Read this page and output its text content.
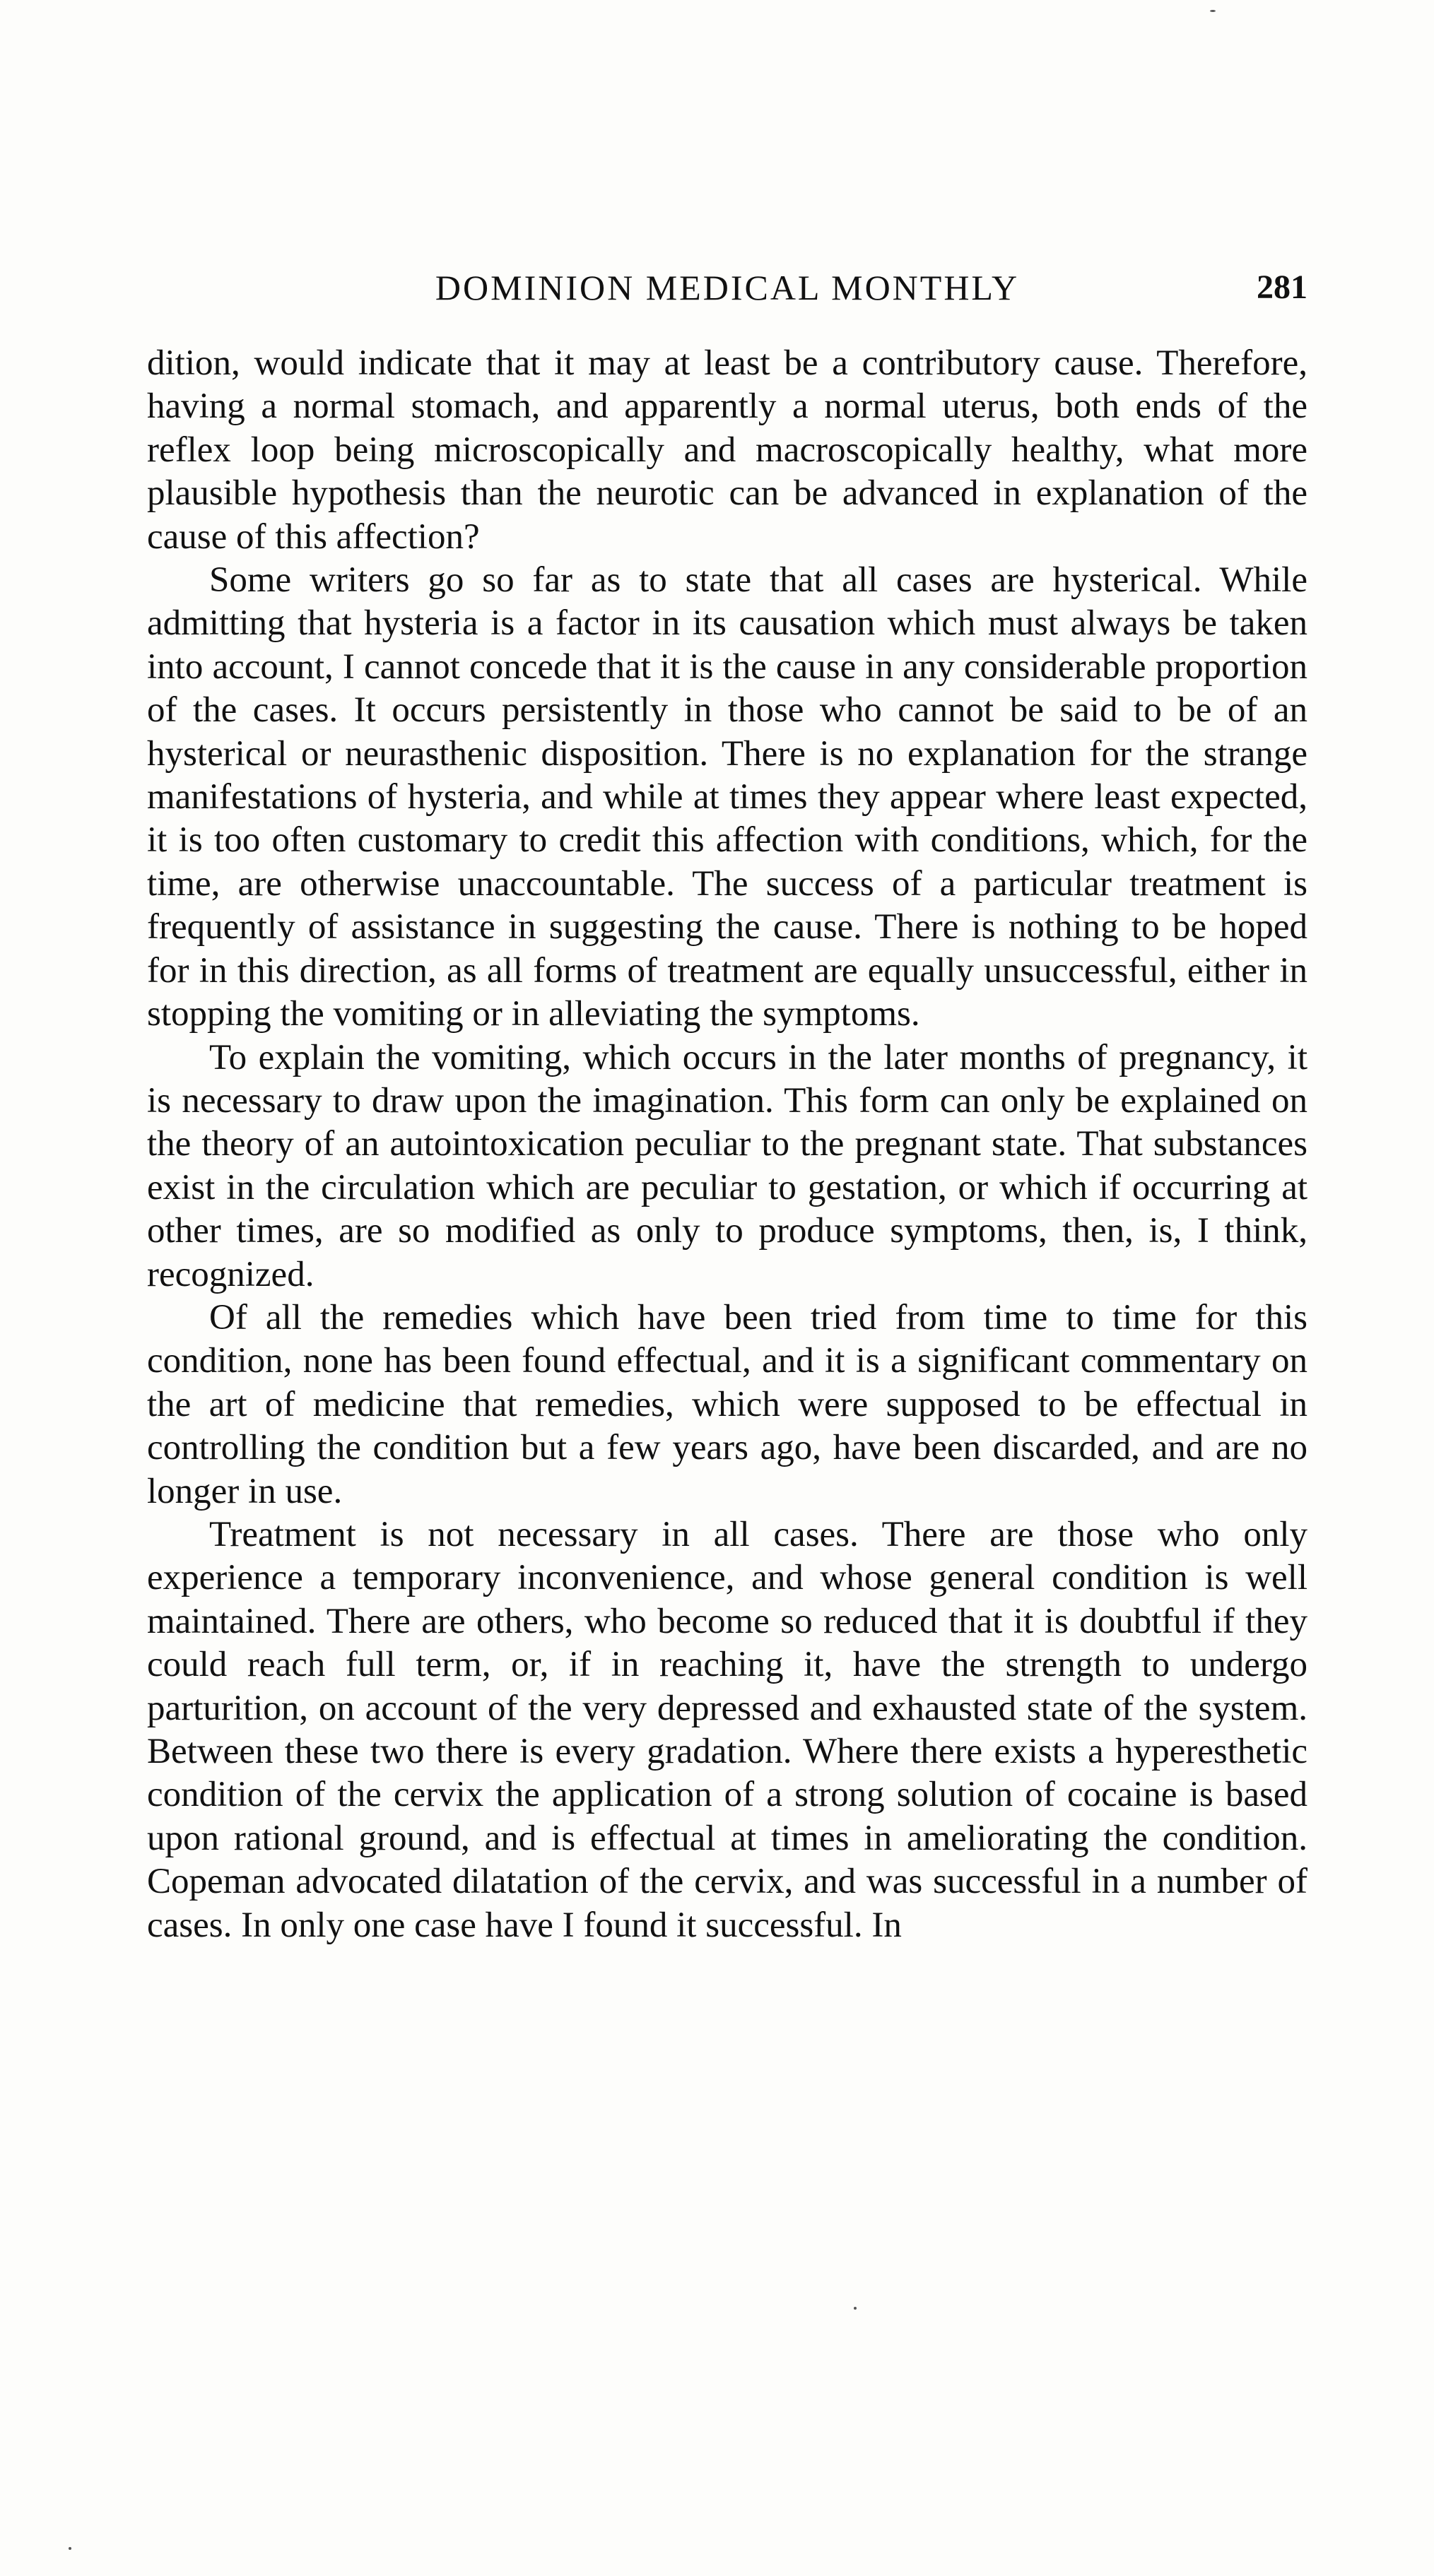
DOMINION MEDICAL MONTHLY	281

dition, would indicate that it may at least be a contributory cause. Therefore, having a normal stomach, and apparently a normal uterus, both ends of the reflex loop being microscopically and macroscopically healthy, what more plausible hypothesis than the neurotic can be advanced in explanation of the cause of this affection?

Some writers go so far as to state that all cases are hysterical. While admitting that hysteria is a factor in its causation which must always be taken into account, I cannot concede that it is the cause in any considerable proportion of the cases. It occurs persistently in those who cannot be said to be of an hysterical or neurasthenic disposition. There is no explanation for the strange manifestations of hysteria, and while at times they appear where least expected, it is too often customary to credit this affection with conditions, which, for the time, are otherwise unaccountable. The success of a particular treatment is frequently of assistance in suggesting the cause. There is nothing to be hoped for in this direction, as all forms of treatment are equally unsuccessful, either in stopping the vomiting or in alleviating the symptoms.

To explain the vomiting, which occurs in the later months of pregnancy, it is necessary to draw upon the imagination. This form can only be explained on the theory of an autointoxication peculiar to the pregnant state. That substances exist in the circulation which are peculiar to gestation, or which if occurring at other times, are so modified as only to produce symptoms, then, is, I think, recognized.

Of all the remedies which have been tried from time to time for this condition, none has been found effectual, and it is a significant commentary on the art of medicine that remedies, which were supposed to be effectual in controlling the condition but a few years ago, have been discarded, and are no longer in use.

Treatment is not necessary in all cases. There are those who only experience a temporary inconvenience, and whose general condition is well maintained. There are others, who become so reduced that it is doubtful if they could reach full term, or, if in reaching it, have the strength to undergo parturition, on account of the very depressed and exhausted state of the system. Between these two there is every gradation. Where there exists a hyperesthetic condition of the cervix the application of a strong solution of cocaine is based upon rational ground, and is effectual at times in ameliorating the condition. Copeman advocated dilatation of the cervix, and was successful in a number of cases. In only one case have I found it successful. In
